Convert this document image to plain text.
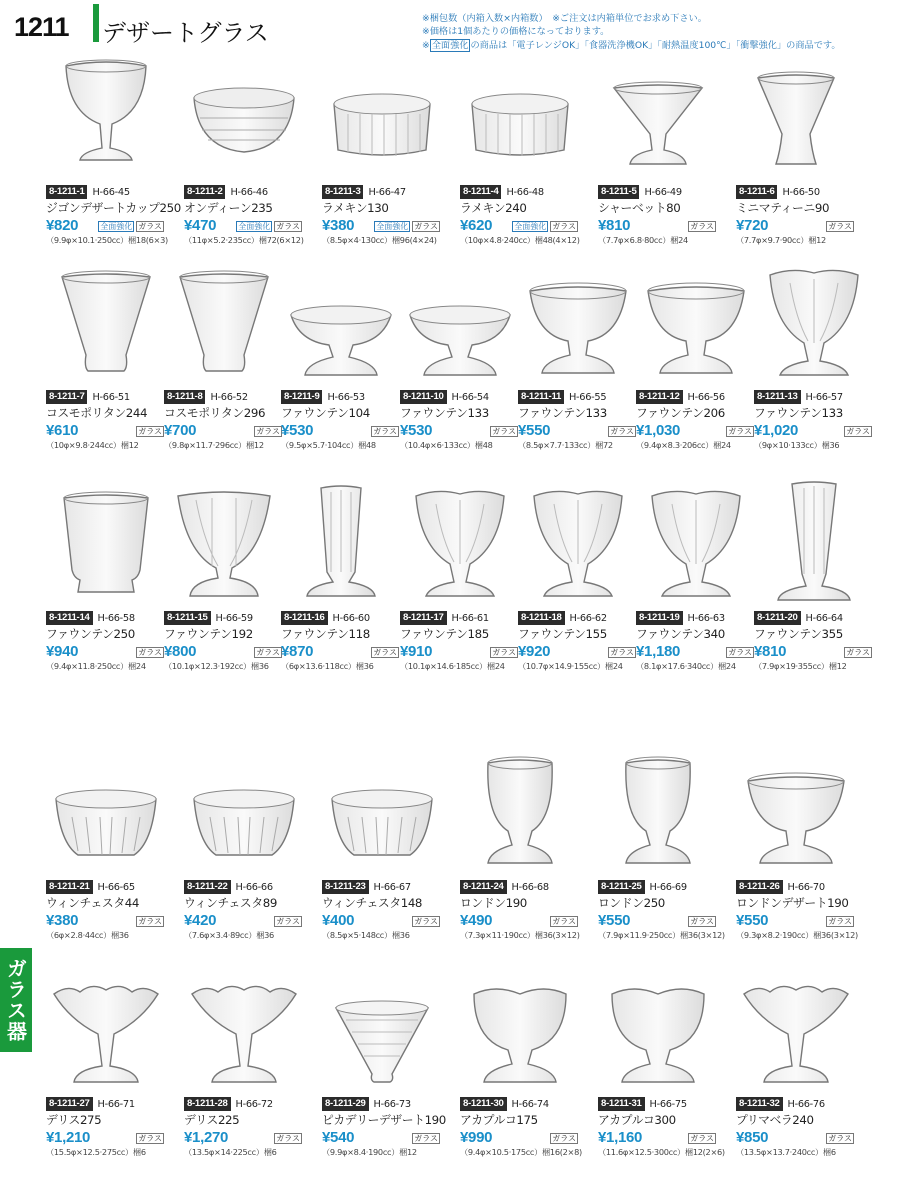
1211 デザートグラス
※梱包数（内箱入数×内箱数）　※ご注文は内箱単位でお求め下さい。
※価格は1個あたりの価格になっております。
※ 全面強化 の商品は「電子レンジOK」「食器洗浄機OK」「耐熱温度100℃」「衝撃強化」の商品です。
ガラス器
8-1211-1 H-66-45
ジゴンデザートカップ250
¥820	全面強化 ガラス
（9.9φ×10.1·250cc）梱18(6×3)
8-1211-2 H-66-46
オンディーン235
¥470	全面強化 ガラス
（11φ×5.2·235cc）梱72(6×12)
8-1211-3 H-66-47
ラメキン130
¥380	全面強化 ガラス
（8.5φ×4·130cc）梱96(4×24)
8-1211-4 H-66-48
ラメキン240
¥620	全面強化 ガラス
（10φ×4.8·240cc）梱48(4×12)
8-1211-5 H-66-49
シャーベット80
¥810	ガラス
（7.7φ×6.8·80cc）梱24
8-1211-6 H-66-50
ミニマティーニ90
¥720	ガラス
（7.7φ×9.7·90cc）梱12
8-1211-7 H-66-51
コスモポリタン244
¥610	ガラス
（10φ×9.8·244cc）梱12
8-1211-8 H-66-52
コスモポリタン296
¥700	ガラス
（9.8φ×11.7·296cc）梱12
8-1211-9 H-66-53
ファウンテン104
¥530	ガラス
（9.5φ×5.7·104cc）梱48
8-1211-10 H-66-54
ファウンテン133
¥530	ガラス
（10.4φ×6·133cc）梱48
8-1211-11 H-66-55
ファウンテン133
¥550	ガラス
（8.5φ×7.7·133cc）梱72
8-1211-12 H-66-56
ファウンテン206
¥1,030	ガラス
（9.4φ×8.3·206cc）梱24
8-1211-13 H-66-57
ファウンテン133
¥1,020	ガラス
（9φ×10·133cc）梱36
8-1211-14 H-66-58
ファウンテン250
¥940	ガラス
（9.4φ×11.8·250cc）梱24
8-1211-15 H-66-59
ファウンテン192
¥800	ガラス
（10.1φ×12.3·192cc）梱36
8-1211-16 H-66-60
ファウンテン118
¥870	ガラス
（6φ×13.6·118cc）梱36
8-1211-17 H-66-61
ファウンテン185
¥910	ガラス
（10.1φ×14.6·185cc）梱24
8-1211-18 H-66-62
ファウンテン155
¥920	ガラス
（10.7φ×14.9·155cc）梱24
8-1211-19 H-66-63
ファウンテン340
¥1,180	ガラス
（8.1φ×17.6·340cc）梱24
8-1211-20 H-66-64
ファウンテン355
¥810	ガラス
（7.9φ×19·355cc）梱12
8-1211-21 H-66-65
ウィンチェスタ44
¥380	ガラス
（6φ×2.8·44cc）梱36
8-1211-22 H-66-66
ウィンチェスタ89
¥420	ガラス
（7.6φ×3.4·89cc）梱36
8-1211-23 H-66-67
ウィンチェスタ148
¥400	ガラス
（8.5φ×5·148cc）梱36
8-1211-24 H-66-68
ロンドン190
¥490	ガラス
（7.3φ×11·190cc）梱36(3×12)
8-1211-25 H-66-69
ロンドン250
¥550	ガラス
（7.9φ×11.9·250cc）梱36(3×12)
8-1211-26 H-66-70
ロンドンデザート190
¥550	ガラス
（9.3φ×8.2·190cc）梱36(3×12)
8-1211-27 H-66-71
デリス275
¥1,210	ガラス
（15.5φ×12.5·275cc）梱6
8-1211-28 H-66-72
デリス225
¥1,270	ガラス
（13.5φ×14·225cc）梱6
8-1211-29 H-66-73
ピカデリーデザート190
¥540	ガラス
（9.9φ×8.4·190cc）梱12
8-1211-30 H-66-74
アカプルコ175
¥990	ガラス
（9.4φ×10.5·175cc）梱16(2×8)
8-1211-31 H-66-75
アカプルコ300
¥1,160	ガラス
（11.6φ×12.5·300cc）梱12(2×6)
8-1211-32 H-66-76
プリマベラ240
¥850	ガラス
（13.5φ×13.7·240cc）梱6
